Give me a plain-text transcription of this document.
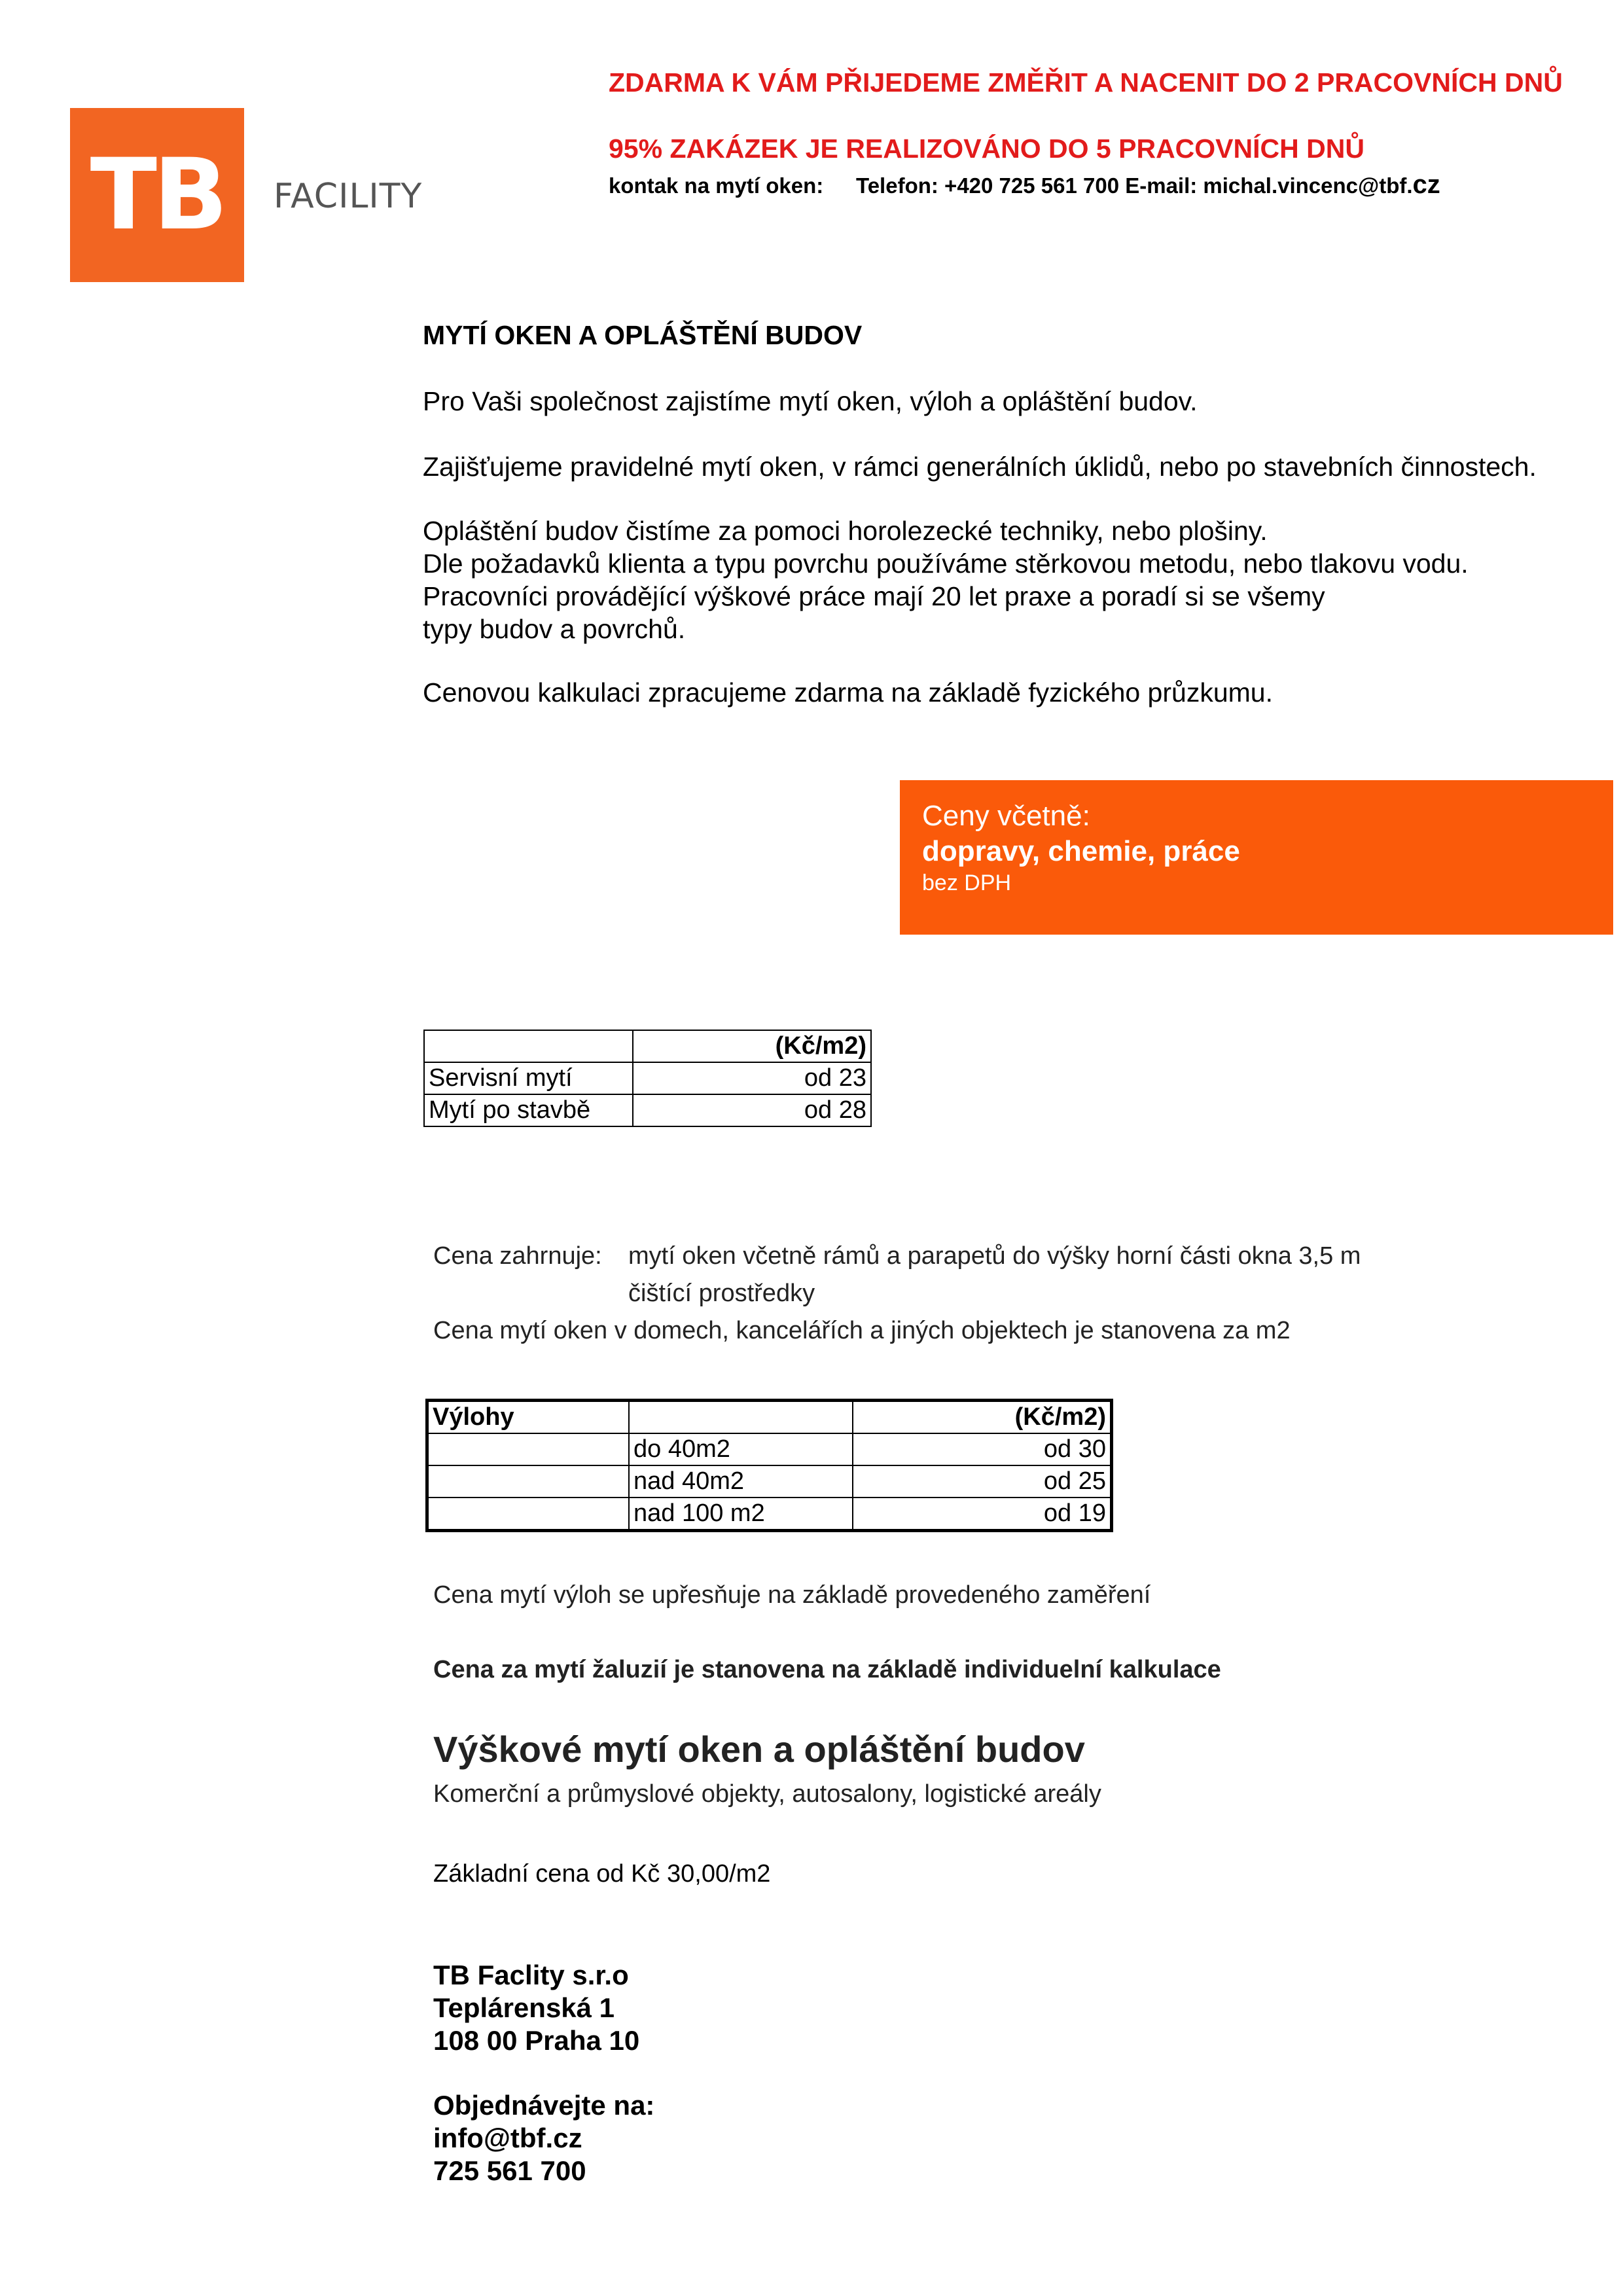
TB	FACILITY
ZDARMA K VÁM PŘIJEDEME ZMĚŘIT A NACENIT DO 2 PRACOVNÍCH DNŮ
95% ZAKÁZEK JE REALIZOVÁNO DO 5 PRACOVNÍCH DNŮ
kontak na mytí oken: Telefon: +420 725 561 700 E-mail: michal.vincenc@tbf.cz
MYTÍ OKEN A OPLÁŠTĚNÍ BUDOV
Pro Vaši společnost zajistíme mytí oken, výloh a opláštění budov.
Zajišťujeme pravidelné mytí oken, v rámci generálních úklidů, nebo po stavebních činnostech.
Opláštění budov čistíme za pomoci horolezecké techniky, nebo plošiny.
Dle požadavků klienta a typu povrchu používáme stěrkovou metodu, nebo tlakovu vodu.
Pracovníci provádějící výškové práce mají 20 let praxe a poradí si se všemy
typy budov a povrchů.
Cenovou kalkulaci zpracujeme zdarma na základě fyzického průzkumu.
Ceny včetně:
dopravy, chemie, práce
bez DPH
	(Kč/m2)
Servisní mytí	od 23
Mytí po stavbě	od 28
Cena zahrnuje: mytí oken včetně rámů a parapetů do výšky horní části okna 3,5 m
čištící prostředky
Cena mytí oken v domech, kancelářích a jiných objektech je stanovena za m2
Výlohy		(Kč/m2)
	do 40m2	od 30
	nad 40m2	od 25
	nad 100 m2	od 19
Cena mytí výloh se upřesňuje na základě provedeného zaměření
Cena za mytí žaluzií je stanovena na základě individuelní kalkulace
Výškové mytí oken a opláštění budov
Komerční a průmyslové objekty, autosalony, logistické areály
Základní cena od Kč 30,00/m2
TB Faclity s.r.o
Teplárenská 1
108 00 Praha 10
Objednávejte na:
info@tbf.cz
725 561 700
